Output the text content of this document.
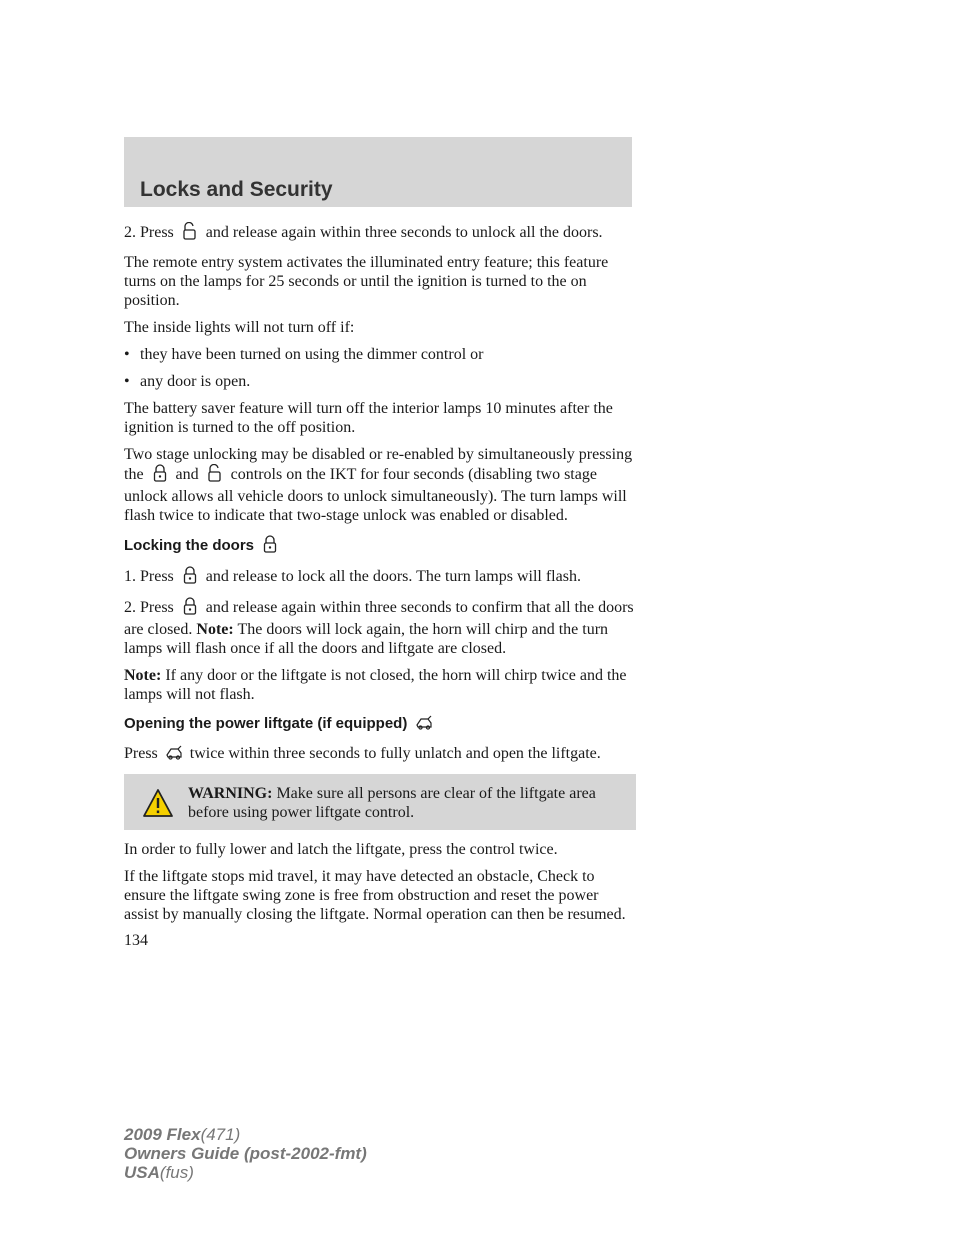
Locks and Security

2. Press and release again within three seconds to unlock all the doors.

The remote entry system activates the illuminated entry feature; this feature turns on the lamps for 25 seconds or until the ignition is turned to the on position.

The inside lights will not turn off if:

• they have been turned on using the dimmer control or
• any door is open.

The battery saver feature will turn off the interior lamps 10 minutes after the ignition is turned to the off position.

Two stage unlocking may be disabled or re-enabled by simultaneously pressing the and controls on the IKT for four seconds (disabling two stage unlock allows all vehicle doors to unlock simultaneously). The turn lamps will flash twice to indicate that two-stage unlock was enabled or disabled.

Locking the doors

1. Press and release to lock all the doors. The turn lamps will flash.

2. Press and release again within three seconds to confirm that all the doors are closed. Note: The doors will lock again, the horn will chirp and the turn lamps will flash once if all the doors and liftgate are closed.

Note: If any door or the liftgate is not closed, the horn will chirp twice and the lamps will not flash.

Opening the power liftgate (if equipped)

Press twice within three seconds to fully unlatch and open the liftgate.

WARNING: Make sure all persons are clear of the liftgate area before using power liftgate control.

In order to fully lower and latch the liftgate, press the control twice.

If the liftgate stops mid travel, it may have detected an obstacle, Check to ensure the liftgate swing zone is free from obstruction and reset the power assist by manually closing the liftgate. Normal operation can then be resumed.

134
2009 Flex(471)
Owners Guide (post-2002-fmt)
USA(fus)
